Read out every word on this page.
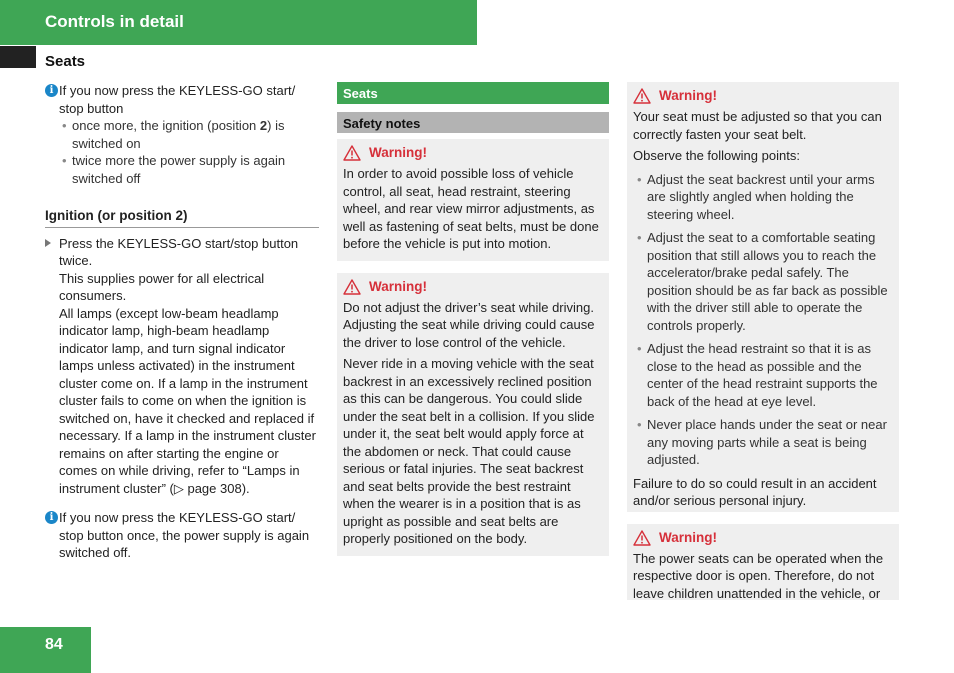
Controls in detail
Seats
i If you now press the KEYLESS-GO start/ stop button

• once more, the ignition (position 2) is switched on

• twice more the power supply is again switched off

Ignition (or position 2)

Press the KEYLESS-GO start/stop button twice.

This supplies power for all electrical consumers.

All lamps (except low-beam headlamp indicator lamp, high-beam headlamp indicator lamp, and turn signal indicator lamps unless activated) in the instrument cluster come on. If a lamp in the instrument cluster fails to come on when the ignition is switched on, have it checked and replaced if necessary. If a lamp in the instrument cluster remains on after starting the engine or comes on while driving, refer to “Lamps in instrument cluster” (▷ page 308).

i If you now press the KEYLESS-GO start/ stop button once, the power supply is again switched off.

Seats
Safety notes
Warning!

In order to avoid possible loss of vehicle control, all seat, head restraint, steering wheel, and rear view mirror adjustments, as well as fastening of seat belts, must be done before the vehicle is put into motion.

Warning!

Do not adjust the driver’s seat while driving. Adjusting the seat while driving could cause the driver to lose control of the vehicle.

Never ride in a moving vehicle with the seat backrest in an excessively reclined position as this can be dangerous. You could slide under the seat belt in a collision. If you slide under it, the seat belt would apply force at the abdomen or neck. That could cause serious or fatal injuries. The seat backrest and seat belts provide the best restraint when the wearer is in a position that is as upright as possible and seat belts are properly positioned on the body.

Warning!

Your seat must be adjusted so that you can correctly fasten your seat belt.

Observe the following points:

• Adjust the seat backrest until your arms are slightly angled when holding the steering wheel.

• Adjust the seat to a comfortable seating position that still allows you to reach the accelerator/brake pedal safely. The position should be as far back as possible with the driver still able to operate the controls properly.

• Adjust the head restraint so that it is as close to the head as possible and the center of the head restraint supports the back of the head at eye level.

• Never place hands under the seat or near any moving parts while a seat is being adjusted.

Failure to do so could result in an accident and/or serious personal injury.

Warning!

The power seats can be operated when the respective door is open. Therefore, do not leave children unattended in the vehicle, or

84
